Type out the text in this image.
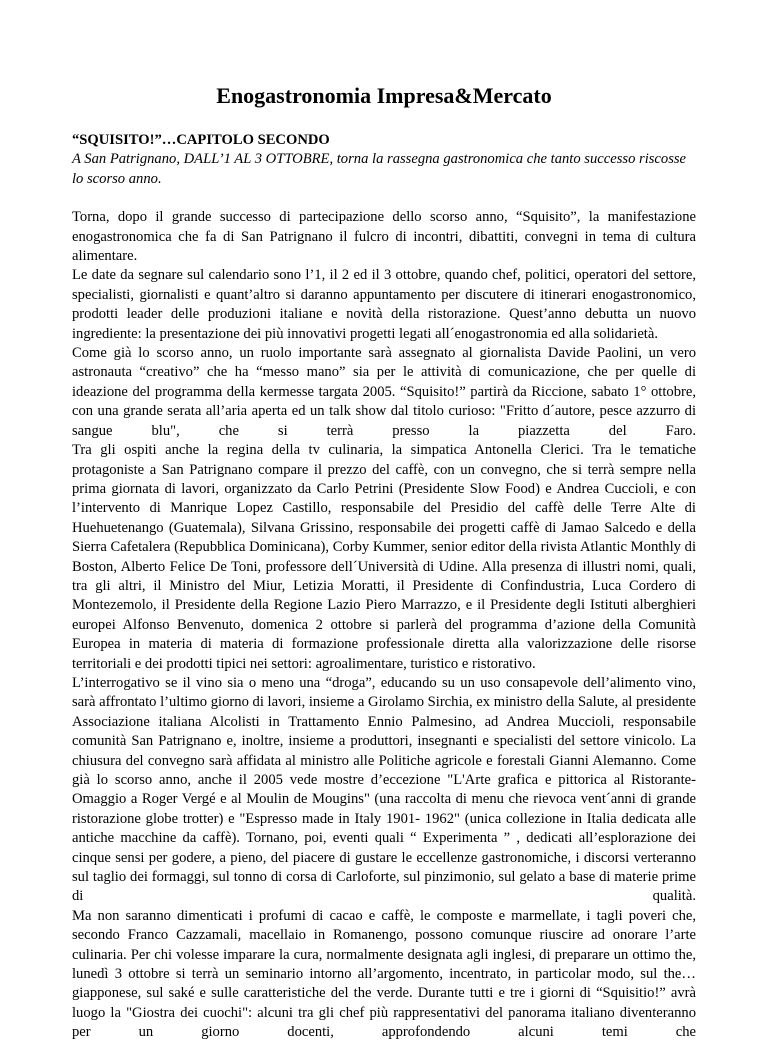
Enogastronomia Impresa&Mercato

“SQUISITO!”…CAPITOLO SECONDO

A San Patrignano, DALL’1 AL 3 OTTOBRE, torna la rassegna gastronomica che tanto successo riscosse lo scorso anno.

Torna, dopo il grande successo di partecipazione dello scorso anno, “Squisito”, la manifestazione enogastronomica che fa di San Patrignano il fulcro di incontri, dibattiti, convegni in tema di cultura alimentare.

Le date da segnare sul calendario sono l’1, il 2 ed il 3 ottobre, quando chef, politici, operatori del settore, specialisti, giornalisti e quant’altro si daranno appuntamento per discutere di itinerari enogastronomico, prodotti leader delle produzioni italiane e novità della ristorazione. Quest’anno debutta un nuovo ingrediente: la presentazione dei più innovativi progetti legati all´enogastronomia ed alla solidarietà.

Come già lo scorso anno, un ruolo importante sarà assegnato al giornalista Davide Paolini, un vero astronauta “creativo” che ha “messo mano” sia per le attività di comunicazione, che per quelle di ideazione del programma della kermesse targata 2005. “Squisito!” partirà da Riccione, sabato 1° ottobre, con una grande serata all’aria aperta ed un talk show dal titolo curioso: "Fritto d´autore, pesce azzurro di sangue blu", che si terrà presso la piazzetta del Faro.

Tra gli ospiti anche la regina della tv culinaria, la simpatica Antonella Clerici. Tra le tematiche protagoniste a San Patrignano compare il prezzo del caffè, con un convegno, che si terrà sempre nella prima giornata di lavori, organizzato da Carlo Petrini (Presidente Slow Food) e Andrea Cuccioli, e con l’intervento di Manrique Lopez Castillo, responsabile del Presidio del caffè delle Terre Alte di Huehuetenango (Guatemala), Silvana Grissino, responsabile dei progetti caffè di Jamao Salcedo e della Sierra Cafetalera (Repubblica Dominicana), Corby Kummer, senior editor della rivista Atlantic Monthly di Boston, Alberto Felice De Toni, professore dell´Università di Udine. Alla presenza di illustri nomi, quali, tra gli altri, il Ministro del Miur, Letizia Moratti, il Presidente di Confindustria, Luca Cordero di Montezemolo, il Presidente della Regione Lazio Piero Marrazzo, e il Presidente degli Istituti alberghieri europei Alfonso Benvenuto, domenica 2 ottobre si parlerà del programma d’azione della Comunità Europea in materia di materia di formazione professionale diretta alla valorizzazione delle risorse territoriali e dei prodotti tipici nei settori: agroalimentare, turistico e ristorativo.

L’interrogativo se il vino sia o meno una “droga”, educando su un uso consapevole dell’alimento vino, sarà affrontato l’ultimo giorno di lavori, insieme a Girolamo Sirchia, ex ministro della Salute, al presidente Associazione italiana Alcolisti in Trattamento Ennio Palmesino, ad Andrea Muccioli, responsabile comunità San Patrignano e, inoltre, insieme a produttori, insegnanti e specialisti del settore vinicolo. La chiusura del convegno sarà affidata al ministro alle Politiche agricole e forestali Gianni Alemanno. Come già lo scorso anno, anche il 2005 vede mostre d’eccezione "L'Arte grafica e pittorica al Ristorante- Omaggio a Roger Vergé e al Moulin de Mougins" (una raccolta di menu che rievoca vent´anni di grande ristorazione globe trotter) e "Espresso made in Italy 1901- 1962" (unica collezione in Italia dedicata alle antiche macchine da caffè). Tornano, poi, eventi quali “ Experimenta ” , dedicati all’esplorazione dei cinque sensi per godere, a pieno, del piacere di gustare le eccellenze gastronomiche, i discorsi verteranno sul taglio dei formaggi, sul tonno di corsa di Carloforte, sul pinzimonio, sul gelato a base di materie prime di qualità.

Ma non saranno dimenticati i profumi di cacao e caffè, le composte e marmellate, i tagli poveri che, secondo Franco Cazzamali, macellaio in Romanengo, possono comunque riuscire ad onorare l’arte culinaria. Per chi volesse imparare la cura, normalmente designata agli inglesi, di preparare un ottimo the, lunedì 3 ottobre si terrà un seminario intorno all’argomento, incentrato, in particolar modo, sul the…giapponese, sul saké e sulle caratteristiche del the verde. Durante tutti e tre i giorni di “Squisitio!” avrà luogo la "Giostra dei cuochi": alcuni tra gli chef più rappresentativi del panorama italiano diventeranno per un giorno docenti, approfondendo alcuni temi che
